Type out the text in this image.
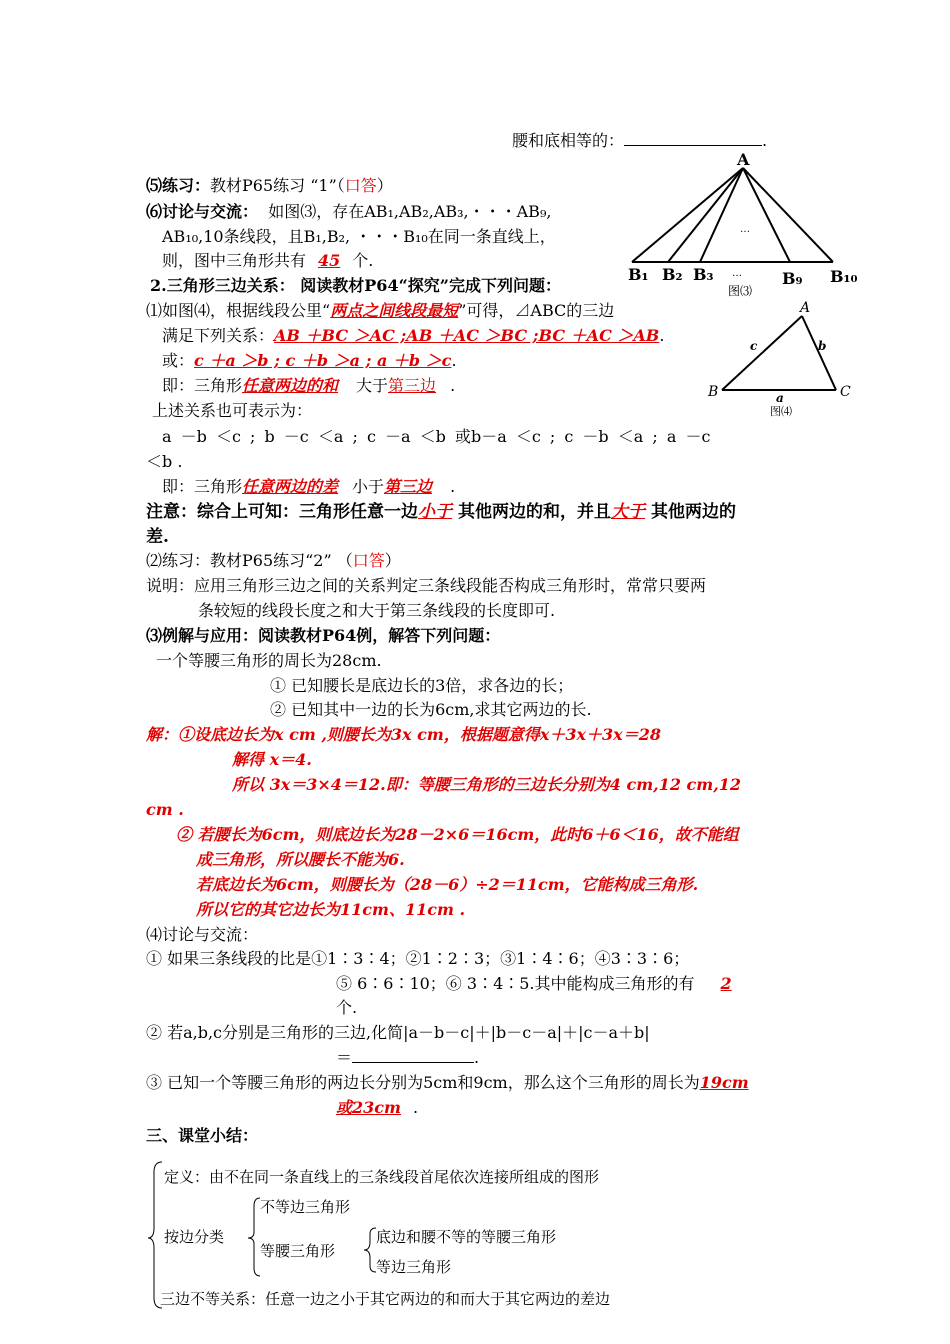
腰和底相等的：	.
A
…
…
B₁ B₂ B₃	B₉ B₁₀
图⑶
A
B	C
c	b
a
图⑷
⑸练习：教材P65练习 “1”（口答）
⑹讨论与交流： 如图⑶，存在AB₁,AB₂,AB₃,・・・AB₉,
AB₁₀,10条线段，且B₁,B₂, ・・・B₁₀在同一条直线上，
则，图中三角形共有 45 个.
2.三角形三边关系： 阅读教材P64“探究”完成下列问题：
⑴如图⑷，根据线段公里“两点之间线段最短”可得，⊿ABC的三边
满足下列关系：AB ＋BC ＞AC ;AB ＋AC ＞BC ;BC ＋AC ＞AB.
或：c ＋a ＞b ; c ＋b ＞a ; a ＋b ＞c.
即：三角形任意两边的和 大于第三边 .
上述关系也可表示为：
a －b ＜c ; b －c ＜a ; c －a ＜b 或b－a ＜c ; c －b ＜a ; a －c
＜b .
即：三角形任意两边的差 小于第三边 .
注意：综合上可知：三角形任意一边小于 其他两边的和，并且大于 其他两边的
差.
⑵练习：教材P65练习“2” （口答）
说明：应用三角形三边之间的关系判定三条线段能否构成三角形时，常常只要两
条较短的线段长度之和大于第三条线段的长度即可.
⑶例解与应用：阅读教材P64例，解答下列问题：
一个等腰三角形的周长为28cm.
① 已知腰长是底边长的3倍，求各边的长；
② 已知其中一边的长为6cm,求其它两边的长.
解：①设底边长为x cm ,则腰长为3x cm，根据题意得x＋3x＋3x＝28
解得 x＝4.
所以 3x＝3×4＝12.即：等腰三角形的三边长分别为4 cm,12 cm,12
cm .
② 若腰长为6cm，则底边长为28－2×6＝16cm，此时6＋6＜16，故不能组
成三角形，所以腰长不能为6.
若底边长为6cm，则腰长为（28－6）÷2＝11cm，它能构成三角形.
所以它的其它边长为11cm、11cm .
⑷讨论与交流：
① 如果三条线段的比是①1∶3∶4；②1∶2∶3；③1∶4∶6；④3∶3∶6；
⑤ 6∶6∶10；⑥ 3∶4∶5.其中能构成三角形的有 2
个.
② 若a,b,c分别是三角形的三边,化简|a－b－c|＋|b－c－a|＋|c－a＋b|
＝	.
③ 已知一个等腰三角形的两边长分别为5cm和9cm，那么这个三角形的周长为19cm
或23cm .
三、课堂小结：
定义：由不在同一条直线上的三条线段首尾依次连接所组成的图形
按边分类
不等边三角形
等腰三角形
底边和腰不等的等腰三角形
等边三角形
三边不等关系：任意一边之小于其它两边的和而大于其它两边的差边
